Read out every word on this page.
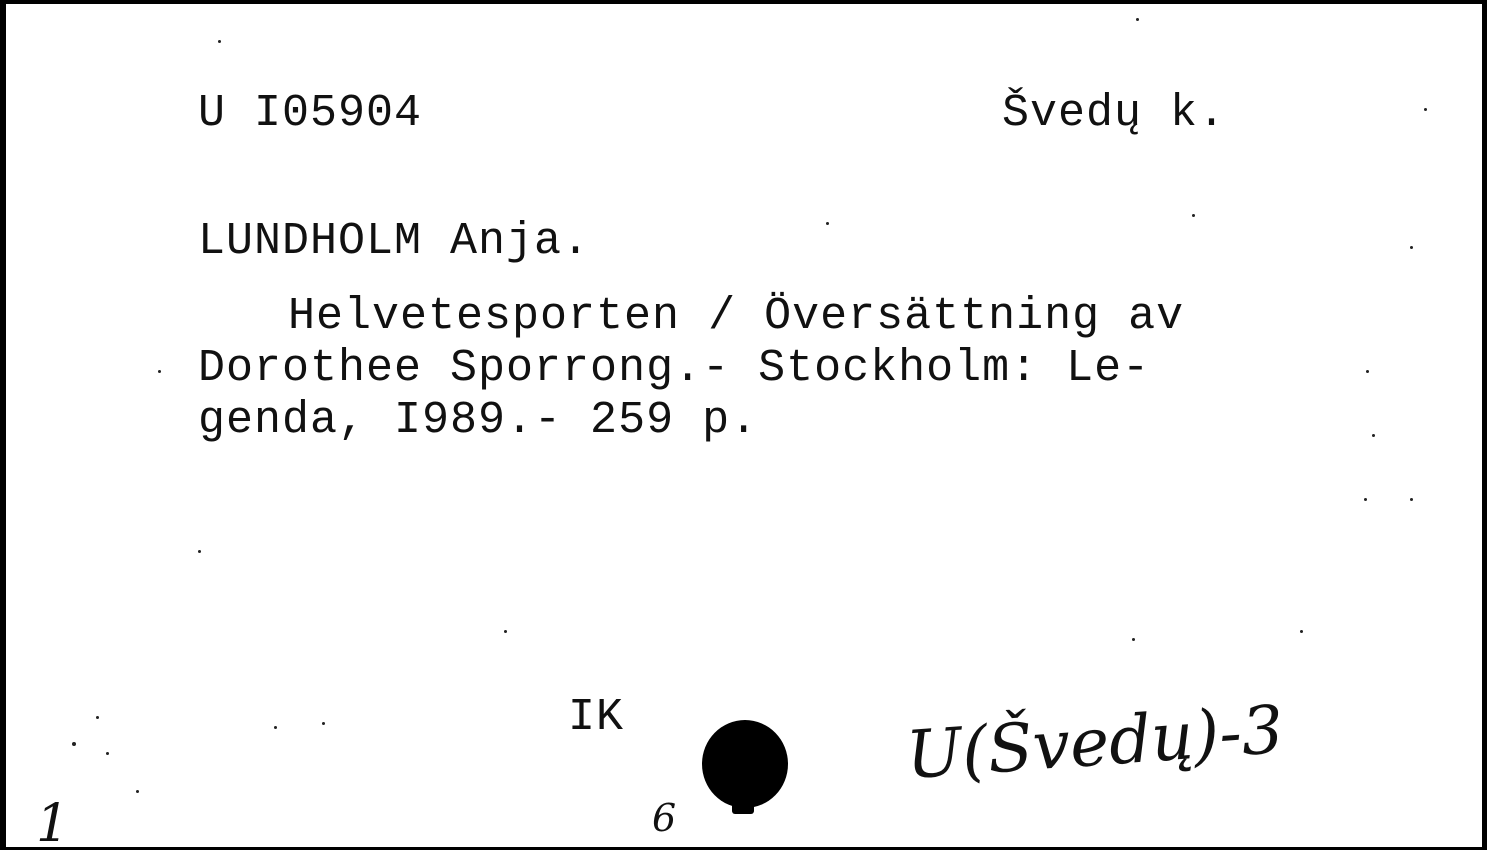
U I05904	Švedų k.
LUNDHOLM Anja.
Helvetesporten / Översättning av
Dorothee Sporrong.- Stockholm: Le-
genda, I989.- 259 p.
IK	U(Švedų)-3
1	6
